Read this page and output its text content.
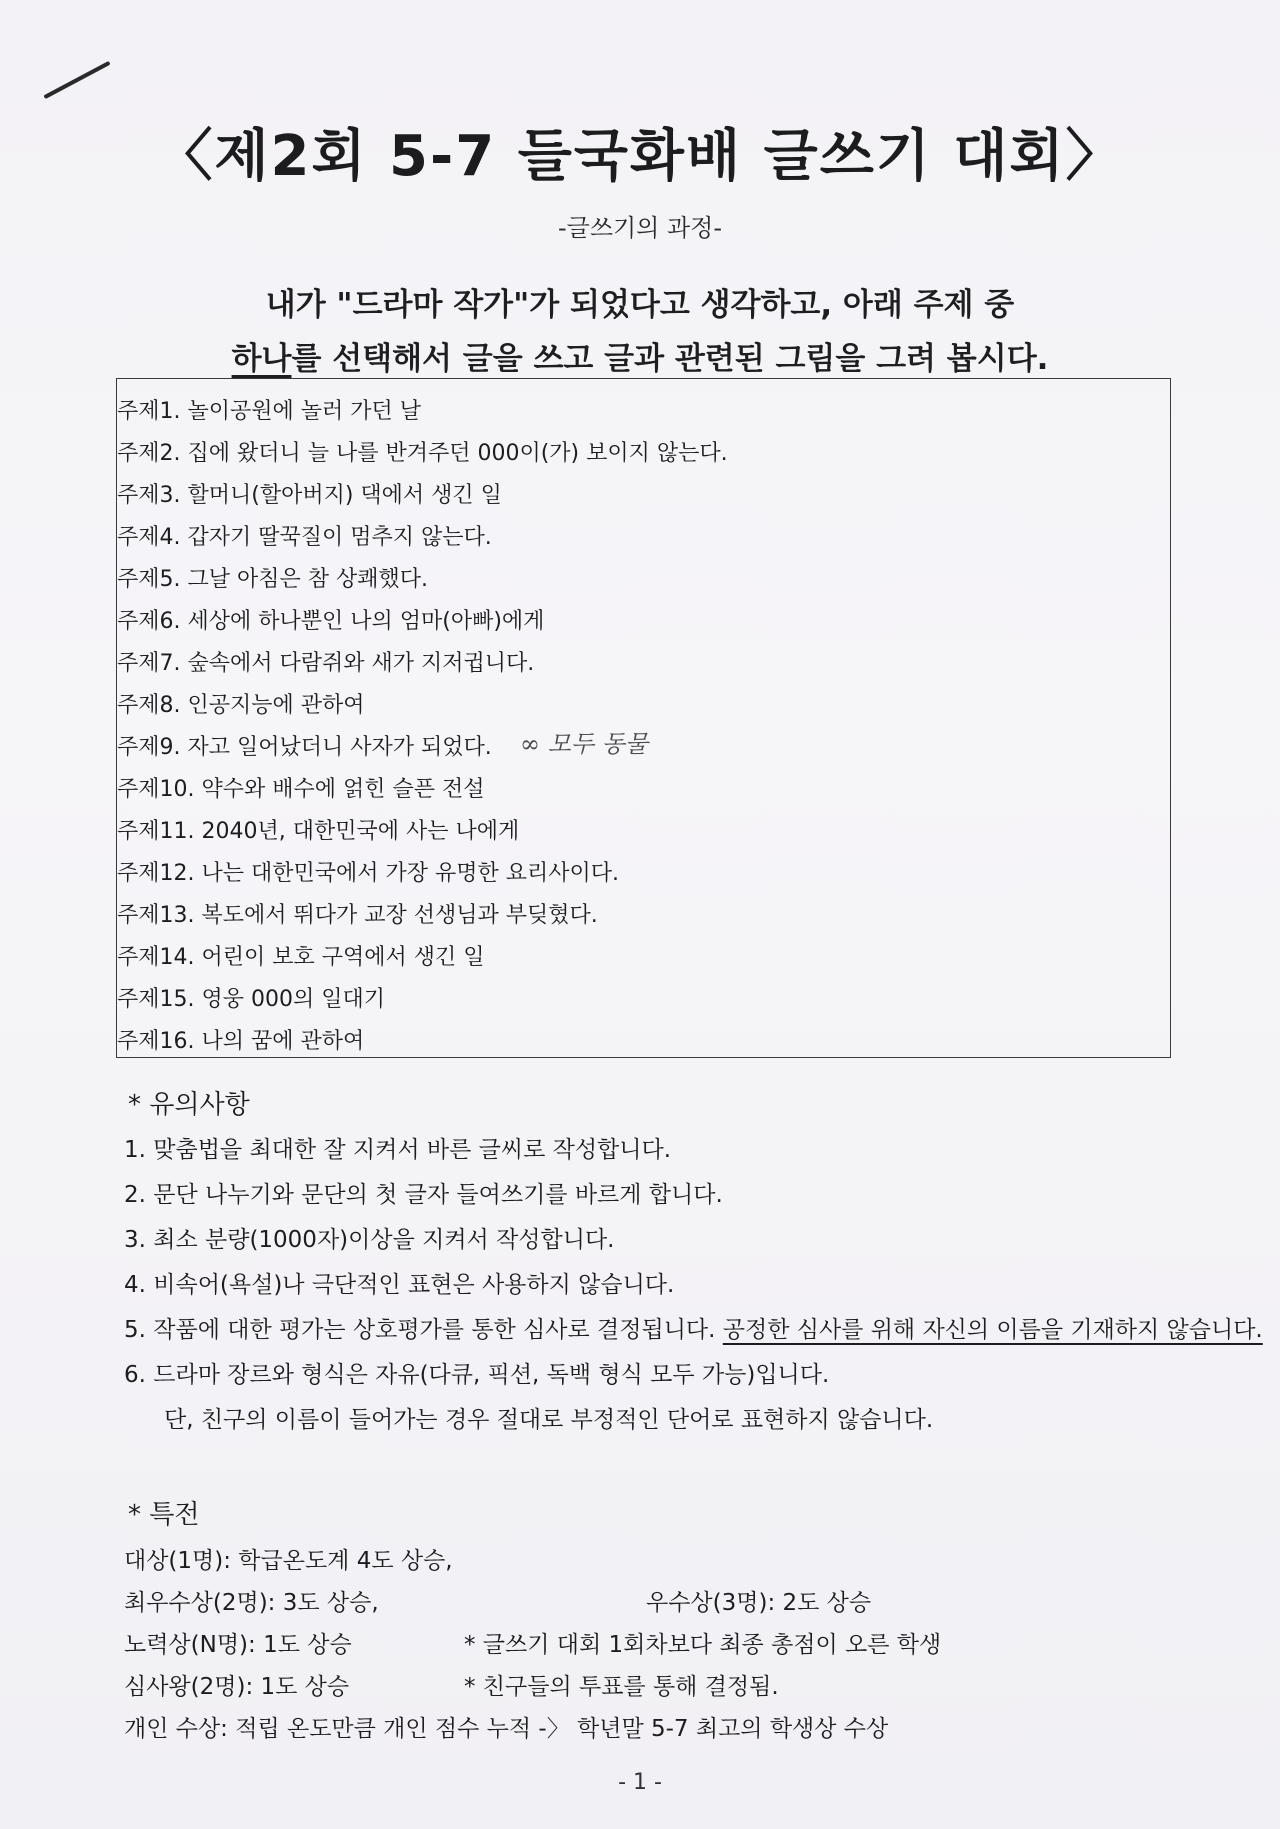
〈제2회 5-7 들국화배 글쓰기 대회〉
-글쓰기의 과정-
내가 "드라마 작가"가 되었다고 생각하고, 아래 주제 중
하나를 선택해서 글을 쓰고 글과 관련된 그림을 그려 봅시다.
주제1. 놀이공원에 놀러 가던 날
주제2. 집에 왔더니 늘 나를 반겨주던 000이(가) 보이지 않는다.
주제3. 할머니(할아버지) 댁에서 생긴 일
주제4. 갑자기 딸꾹질이 멈추지 않는다.
주제5. 그날 아침은 참 상쾌했다.
주제6. 세상에 하나뿐인 나의 엄마(아빠)에게
주제7. 숲속에서 다람쥐와 새가 지저귑니다.
주제8. 인공지능에 관하여
주제9. 자고 일어났더니 사자가 되었다.
주제10. 약수와 배수에 얽힌 슬픈 전설
주제11. 2040년, 대한민국에 사는 나에게
주제12. 나는 대한민국에서 가장 유명한 요리사이다.
주제13. 복도에서 뛰다가 교장 선생님과 부딪혔다.
주제14. 어린이 보호 구역에서 생긴 일
주제15. 영웅 000의 일대기
주제16. 나의 꿈에 관하여
∞ 모두 동물
* 유의사항
1. 맞춤법을 최대한 잘 지켜서 바른 글씨로 작성합니다.
2. 문단 나누기와 문단의 첫 글자 들여쓰기를 바르게 합니다.
3. 최소 분량(1000자)이상을 지켜서 작성합니다.
4. 비속어(욕설)나 극단적인 표현은 사용하지 않습니다.
5. 작품에 대한 평가는 상호평가를 통한 심사로 결정됩니다. 공정한 심사를 위해 자신의 이름을 기재하지 않습니다.
6. 드라마 장르와 형식은 자유(다큐, 픽션, 독백 형식 모두 가능)입니다.
단, 친구의 이름이 들어가는 경우 절대로 부정적인 단어로 표현하지 않습니다.
* 특전
대상(1명): 학급온도계 4도 상승,
최우수상(2명): 3도 상승,	우수상(3명): 2도 상승
노력상(N명): 1도 상승	* 글쓰기 대회 1회차보다 최종 총점이 오른 학생
심사왕(2명): 1도 상승	* 친구들의 투표를 통해 결정됨.
개인 수상: 적립 온도만큼 개인 점수 누적 -〉 학년말 5-7 최고의 학생상 수상
- 1 -
